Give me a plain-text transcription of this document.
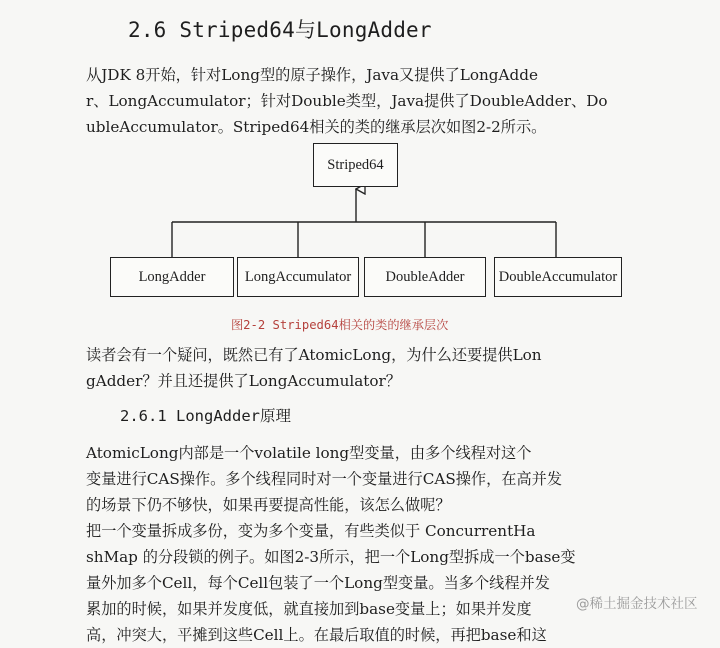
2.6 Striped64与LongAdder
从JDK 8开始，针对Long型的原子操作，Java又提供了LongAdde
r、LongAccumulator；针对Double类型，Java提供了DoubleAdder、Do
ubleAccumulator。Striped64相关的类的继承层次如图2-2所示。
Striped64
LongAdder	LongAccumulator	DoubleAdder	DoubleAccumulator
图2-2 Striped64相关的类的继承层次
读者会有一个疑问，既然已有了AtomicLong，为什么还要提供Lon
gAdder？并且还提供了LongAccumulator？
2.6.1 LongAdder原理
AtomicLong内部是一个volatile long型变量，由多个线程对这个
变量进行CAS操作。多个线程同时对一个变量进行CAS操作，在高并发
的场景下仍不够快，如果再要提高性能，该怎么做呢？
把一个变量拆成多份，变为多个变量，有些类似于 ConcurrentHa
shMap 的分段锁的例子。如图2-3所示，把一个Long型拆成一个base变
量外加多个Cell，每个Cell包装了一个Long型变量。当多个线程并发
累加的时候，如果并发度低，就直接加到base变量上；如果并发度
高，冲突大，平摊到这些Cell上。在最后取值的时候，再把base和这
@稀土掘金技术社区
